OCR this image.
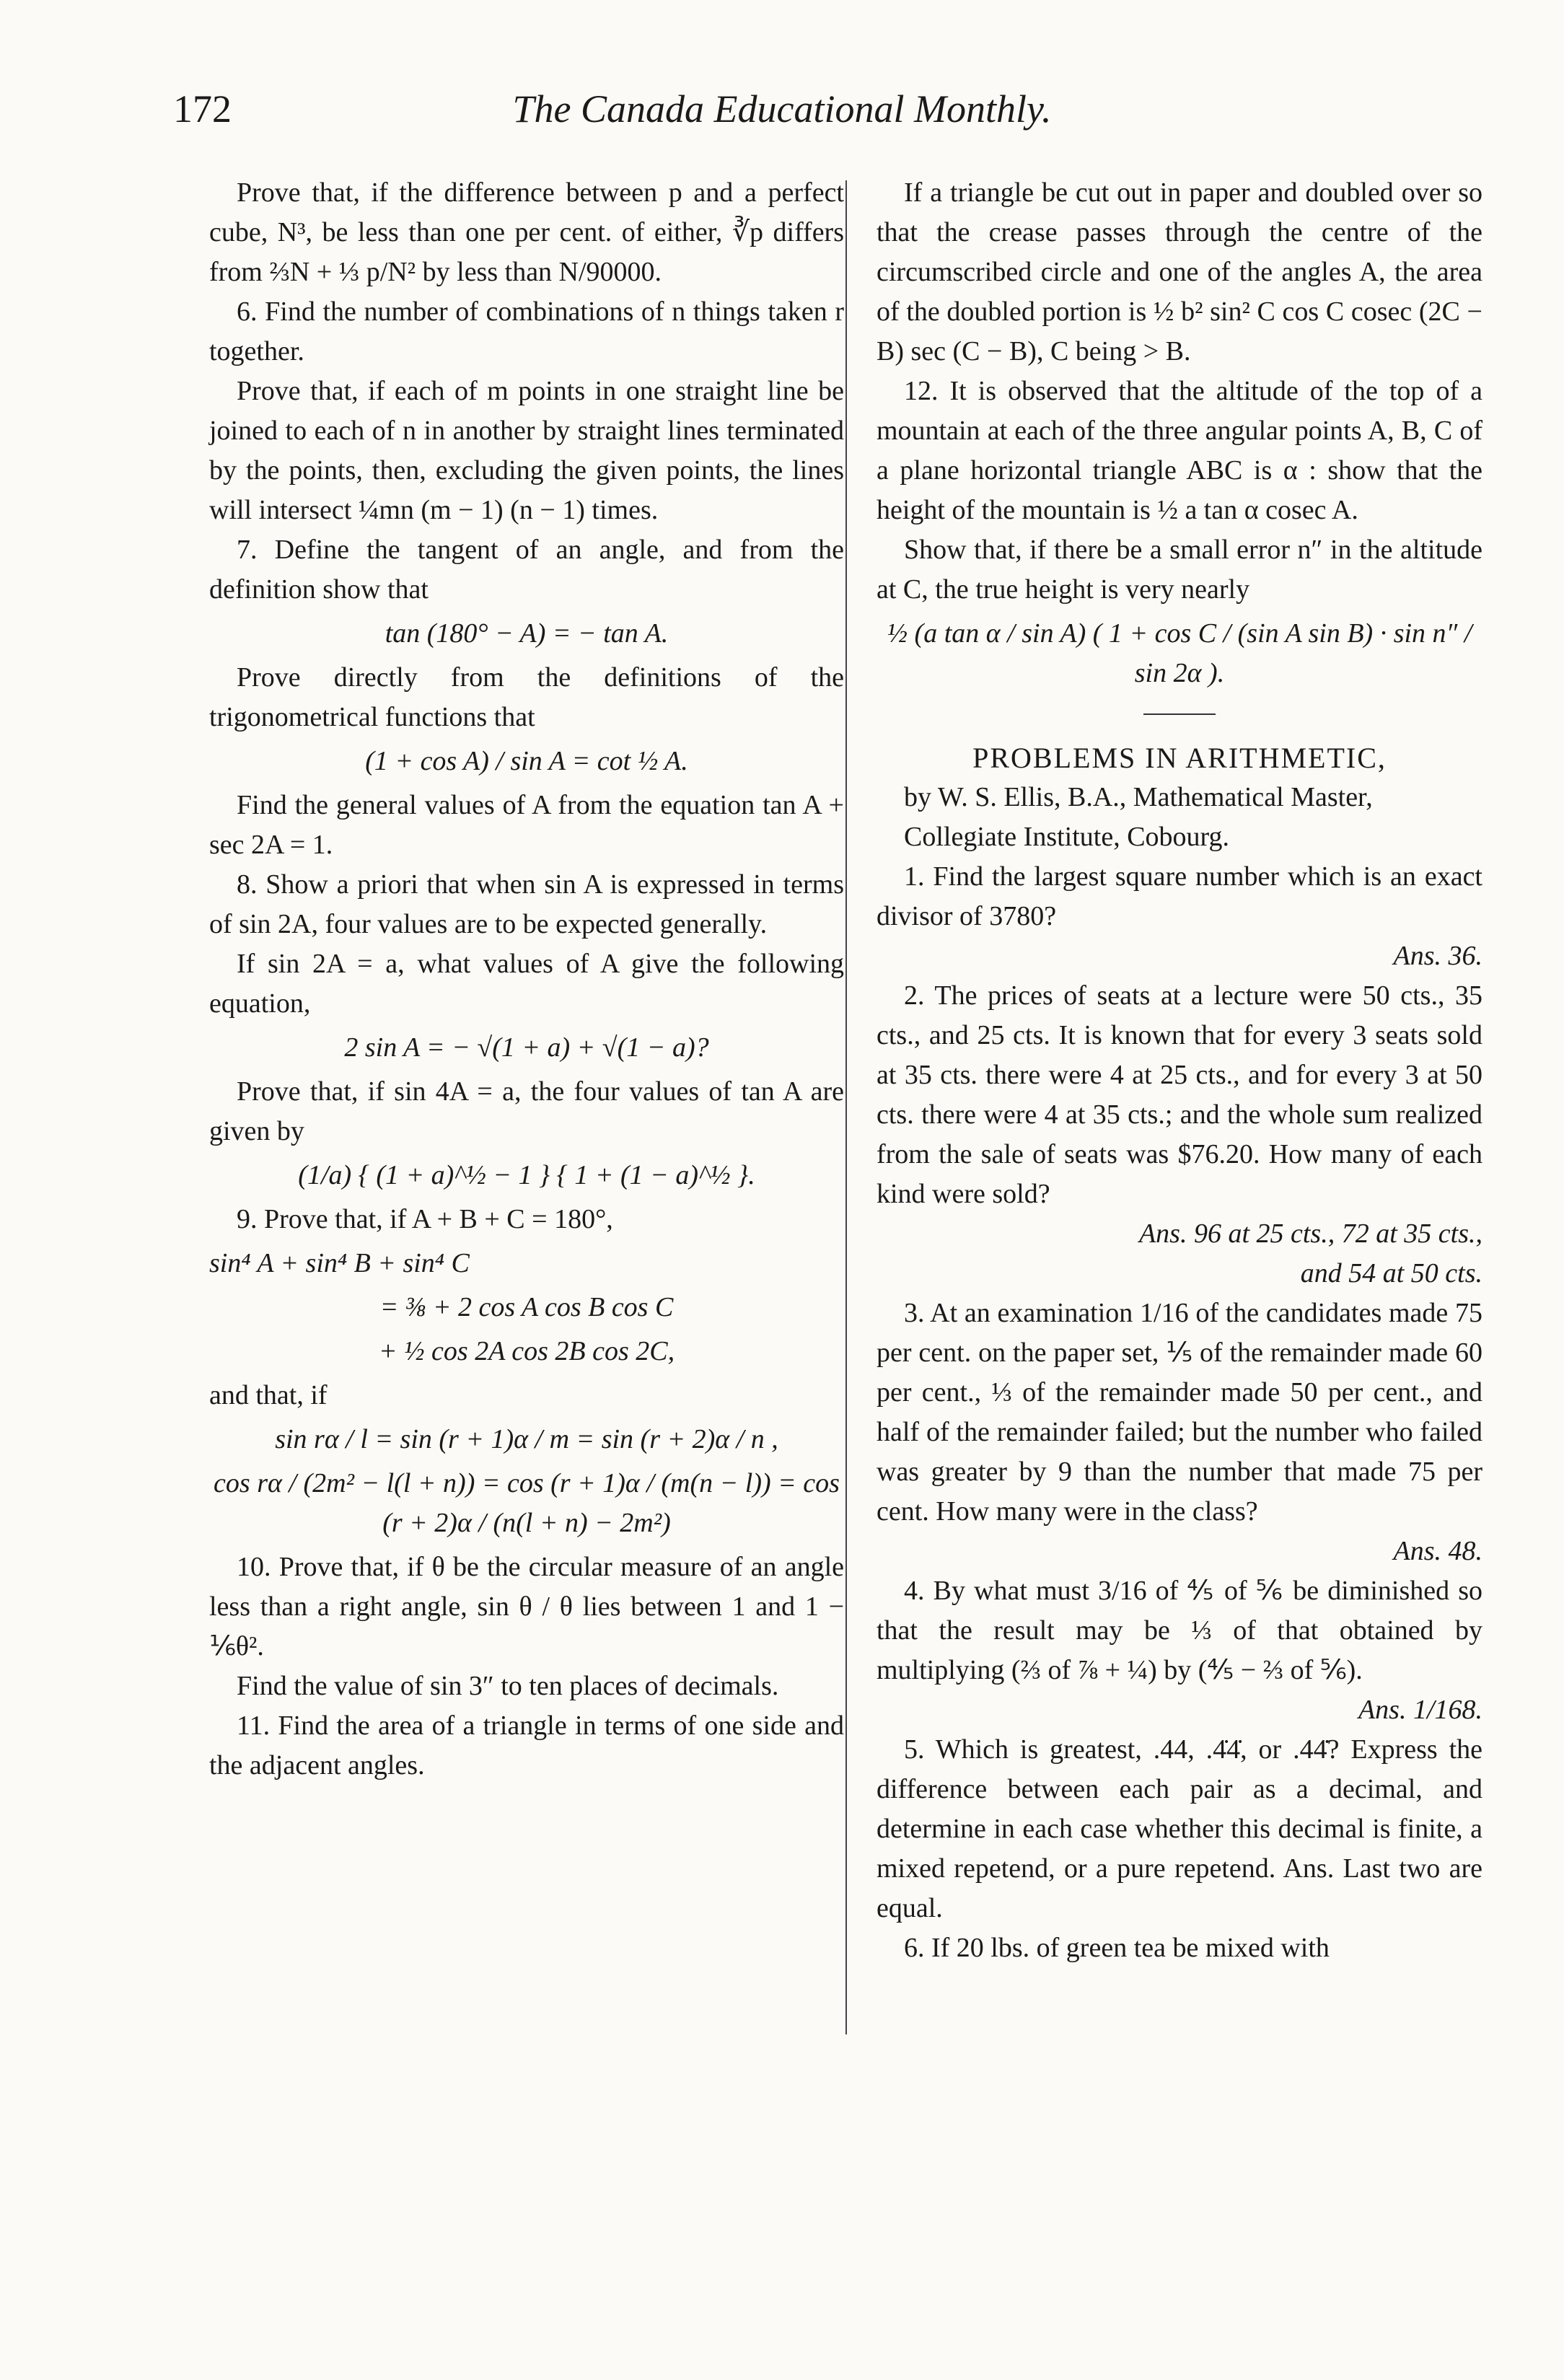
172	The Canada Educational Monthly.

Prove that, if the difference between p and a perfect cube, N³, be less than one per cent. of either, ∛p differs from ⅔N + ⅓ p/N² by less than N/90000.

6. Find the number of combinations of n things taken r together.

Prove that, if each of m points in one straight line be joined to each of n in another by straight lines terminated by the points, then, excluding the given points, the lines will intersect ¼mn (m − 1) (n − 1) times.

7. Define the tangent of an angle, and from the definition show that

tan (180° − A) = − tan A.

Prove directly from the definitions of the trigonometrical functions that

(1 + cos A) / sin A = cot ½ A.

Find the general values of A from the equation tan A + sec 2A = 1.

8. Show a priori that when sin A is expressed in terms of sin 2A, four values are to be expected generally.

If sin 2A = a, what values of A give the following equation,

2 sin A = − √(1 + a) + √(1 − a)?

Prove that, if sin 4A = a, the four values of tan A are given by

(1/a) { (1 + a)^½ − 1 } { 1 + (1 − a)^½ }.

9. Prove that, if A + B + C = 180°,

sin⁴ A + sin⁴ B + sin⁴ C
= ⅜ + 2 cos A cos B cos C
+ ½ cos 2A cos 2B cos 2C,

and that, if

sin rα / l = sin (r + 1)α / m = sin (r + 2)α / n ,
cos rα / (2m² − l(l + n)) = cos (r + 1)α / (m(n − l)) = cos (r + 2)α / (n(l + n) − 2m²)

10. Prove that, if θ be the circular measure of an angle less than a right angle, sin θ / θ lies between 1 and 1 − ⅙θ².

Find the value of sin 3″ to ten places of decimals.

11. Find the area of a triangle in terms of one side and the adjacent angles.

If a triangle be cut out in paper and doubled over so that the crease passes through the centre of the circumscribed circle and one of the angles A, the area of the doubled portion is ½ b² sin² C cos C cosec (2C − B) sec (C − B), C being > B.

12. It is observed that the altitude of the top of a mountain at each of the three angular points A, B, C of a plane horizontal triangle ABC is α : show that the height of the mountain is ½ a tan α cosec A.

Show that, if there be a small error n″ in the altitude at C, the true height is very nearly

½ (a tan α / sin A) ( 1 + cos C / (sin A sin B) · sin n″ / sin 2α ).
PROBLEMS IN ARITHMETIC,

by W. S. Ellis, B.A., Mathematical Master,

Collegiate Institute, Cobourg.

1. Find the largest square number which is an exact divisor of 3780?

Ans. 36.

2. The prices of seats at a lecture were 50 cts., 35 cts., and 25 cts. It is known that for every 3 seats sold at 35 cts. there were 4 at 25 cts., and for every 3 at 50 cts. there were 4 at 35 cts.; and the whole sum realized from the sale of seats was $76.20. How many of each kind were sold?

Ans. 96 at 25 cts., 72 at 35 cts.,
and 54 at 50 cts.

3. At an examination 1/16 of the candidates made 75 per cent. on the paper set, ⅕ of the remainder made 60 per cent., ⅓ of the remainder made 50 per cent., and half of the remainder failed; but the number who failed was greater by 9 than the number that made 75 per cent. How many were in the class?

Ans. 48.

4. By what must 3/16 of ⅘ of ⅚ be diminished so that the result may be ⅓ of that obtained by multiplying (⅔ of ⅞ + ¼) by (⅘ − ⅔ of ⅚).

Ans. 1/168.

5. Which is greatest, .44, .4̇4̇, or .44̇? Express the difference between each pair as a decimal, and determine in each case whether this decimal is finite, a mixed repetend, or a pure repetend. Ans. Last two are equal.

6. If 20 lbs. of green tea be mixed with
